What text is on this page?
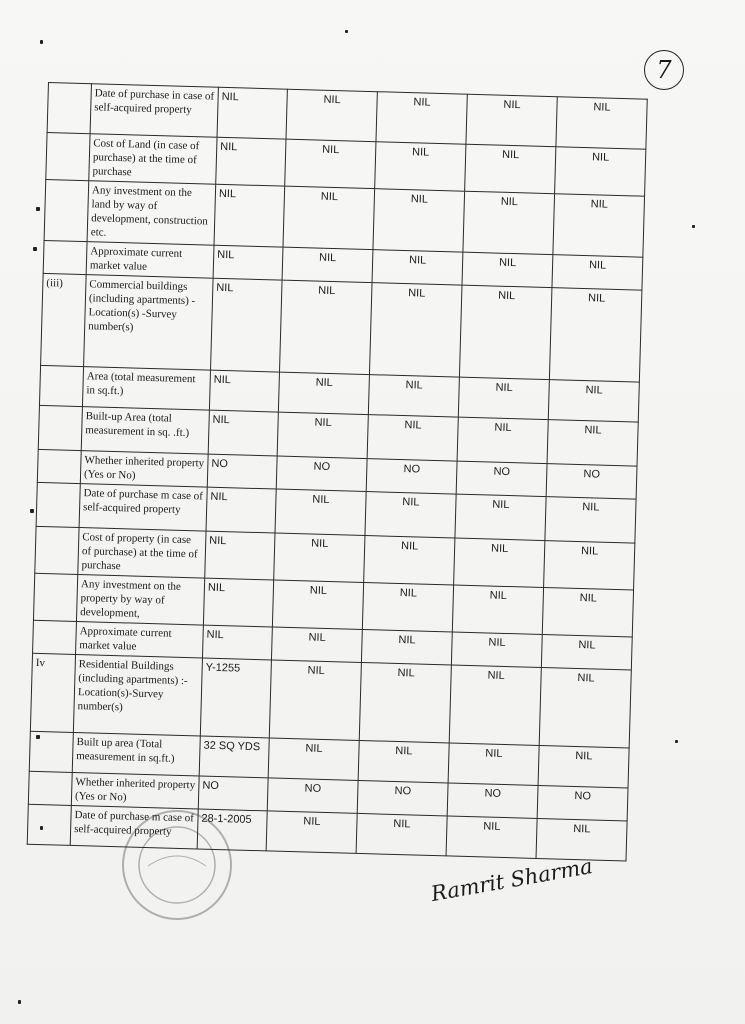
7
	Date of purchase in case of self-acquired property	NIL	NIL	NIL	NIL	NIL
	Cost of Land (in case of purchase) at the time of purchase	NIL	NIL	NIL	NIL	NIL
	Any investment on the land by way of development, construction etc.	NIL	NIL	NIL	NIL	NIL
	Approximate current market value	NIL	NIL	NIL	NIL	NIL
(iii)	Commercial buildings (including apartments) -Location(s) -Survey number(s)	NIL	NIL	NIL	NIL	NIL
	Area (total measurement in sq.ft.)	NIL	NIL	NIL	NIL	NIL
	Built-up Area (total measurement in sq. .ft.)	NIL	NIL	NIL	NIL	NIL
	Whether inherited property (Yes or No)	NO	NO	NO	NO	NO
	Date of purchase m case of self-acquired property	NIL	NIL	NIL	NIL	NIL
	Cost of property (in case of purchase) at the time of purchase	NIL	NIL	NIL	NIL	NIL
	Any investment on the property by way of development,	NIL	NIL	NIL	NIL	NIL
	Approximate current market value	NIL	NIL	NIL	NIL	NIL
Iv	Residential Buildings (including apartments) :- Location(s)-Survey number(s)	Y-1255	NIL	NIL	NIL	NIL
	Built up area (Total measurement in sq.ft.)	32 SQ YDS	NIL	NIL	NIL	NIL
	Whether inherited property (Yes or No)	NO	NO	NO	NO	NO
	Date of purchase m case of self-acquired property	28-1-2005	NIL	NIL	NIL	NIL
Ramrit Sharma
